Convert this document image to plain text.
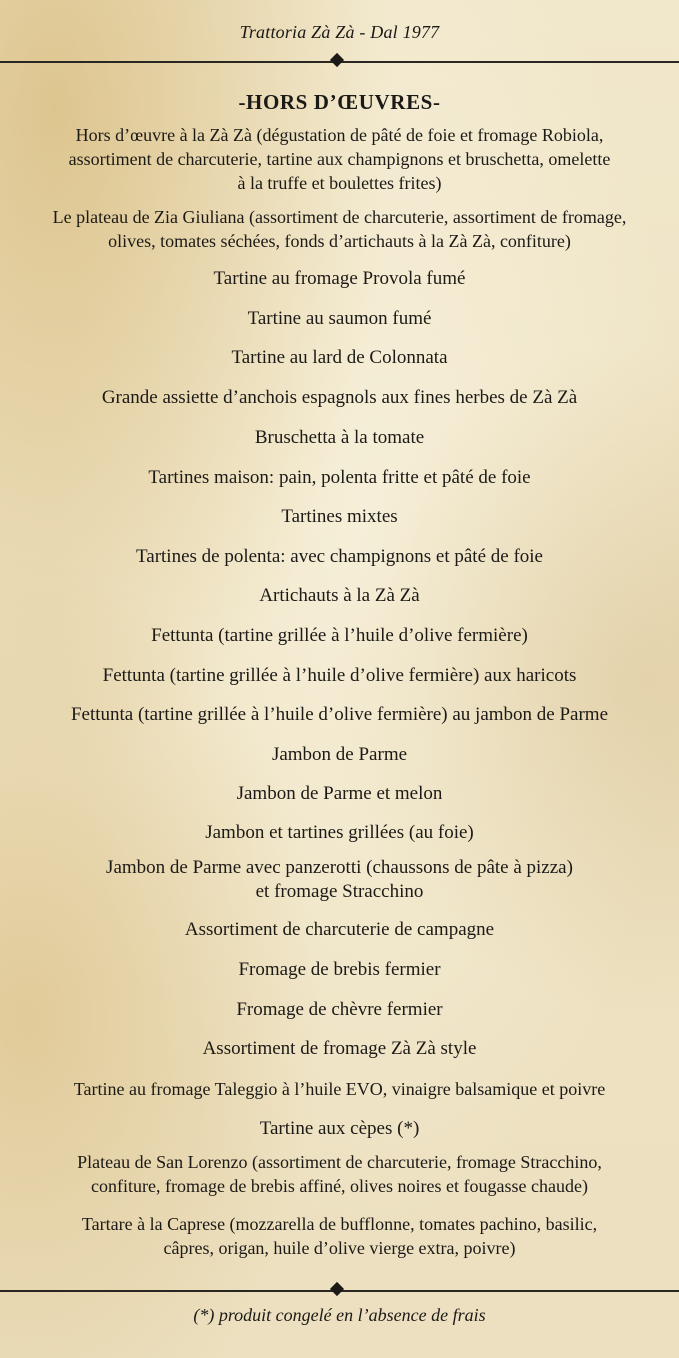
Trattoria Zà Zà - Dal 1977
-HORS D’ŒUVRES-
Hors d’œuvre à la Zà Zà (dégustation de pâté de foie et fromage Robiola,
assortiment de charcuterie, tartine aux champignons et bruschetta, omelette
à la truffe et boulettes frites)
Le plateau de Zia Giuliana (assortiment de charcuterie, assortiment de fromage,
olives, tomates séchées, fonds d’artichauts à la Zà Zà, confiture)
Tartine au fromage Provola fumé
Tartine au saumon fumé
Tartine au lard de Colonnata
Grande assiette d’anchois espagnols aux fines herbes de Zà Zà
Bruschetta à la tomate
Tartines maison: pain, polenta fritte et pâté de foie
Tartines mixtes
Tartines de polenta: avec champignons et pâté de foie
Artichauts à la Zà Zà
Fettunta (tartine grillée à l’huile d’olive fermière)
Fettunta (tartine grillée à l’huile d’olive fermière) aux haricots
Fettunta (tartine grillée à l’huile d’olive fermière) au jambon de Parme
Jambon de Parme
Jambon de Parme et melon
Jambon et tartines grillées (au foie)
Jambon de Parme avec panzerotti (chaussons de pâte à pizza)
et fromage Stracchino
Assortiment de charcuterie de campagne
Fromage de brebis fermier
Fromage de chèvre fermier
Assortiment de fromage Zà Zà style
Tartine au fromage Taleggio à l’huile EVO, vinaigre balsamique et poivre
Tartine aux cèpes (*)
Plateau de San Lorenzo (assortiment de charcuterie, fromage Stracchino,
confiture, fromage de brebis affiné, olives noires et fougasse chaude)
Tartare à la Caprese (mozzarella de bufflonne, tomates pachino, basilic,
câpres, origan, huile d’olive vierge extra, poivre)
(*) produit congelé en l’absence de frais
